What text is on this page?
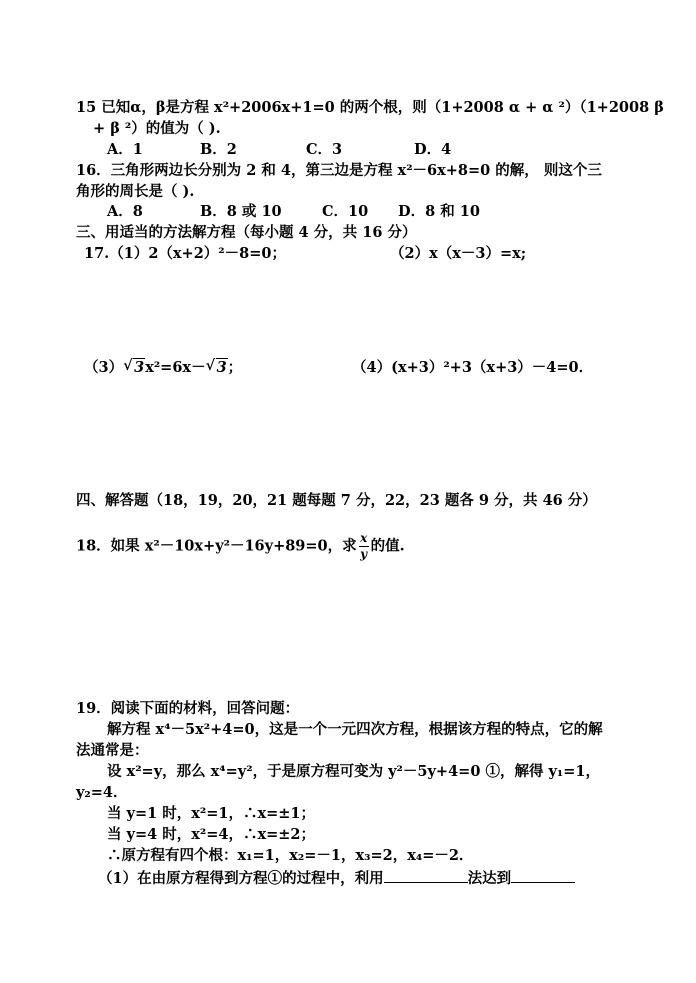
15 已知α，β是方程 x²+2006x+1=0 的两个根，则（1+2008 α + α ²）（1+2008 β
+ β ²）的值为（ ).
A．1	B．2	C．3	D．4
16．三角形两边长分别为 2 和 4，第三边是方程 x²－6x+8=0 的解， 则这个三
角形的周长是（ ).
A．8	B．8 或 10	C．10 D．8 和 10
三、用适当的方法解方程（每小题 4 分，共 16 分）
17.（1）2（x+2）²－8=0；	（2）x（x－3）=x;
（3） √ 3x²=6x－ √ 3；	（4）(x+3）²+3（x+3）－4=0．
四、解答题（18，19，20，21 题每题 7 分，22，23 题各 9 分，共 46 分）
18．如果 x²－10x+y²－16y+89=0，求 $\frac{x}{y}$ 的值.
19．阅读下面的材料，回答问题：
解方程 x⁴－5x²+4=0，这是一个一元四次方程，根据该方程的特点，它的解
法通常是：
设 x²=y，那么 x⁴=y²，于是原方程可变为 y²－5y+4=0 ①，解得 y₁=1，
y₂=4．
当 y=1 时，x²=1，∴x=±1；
当 y=4 时，x²=4，∴x=±2；
∴原方程有四个根：x₁=1，x₂=－1，x₃=2，x₄=－2．
（1）在由原方程得到方程①的过程中，利用	法达到
